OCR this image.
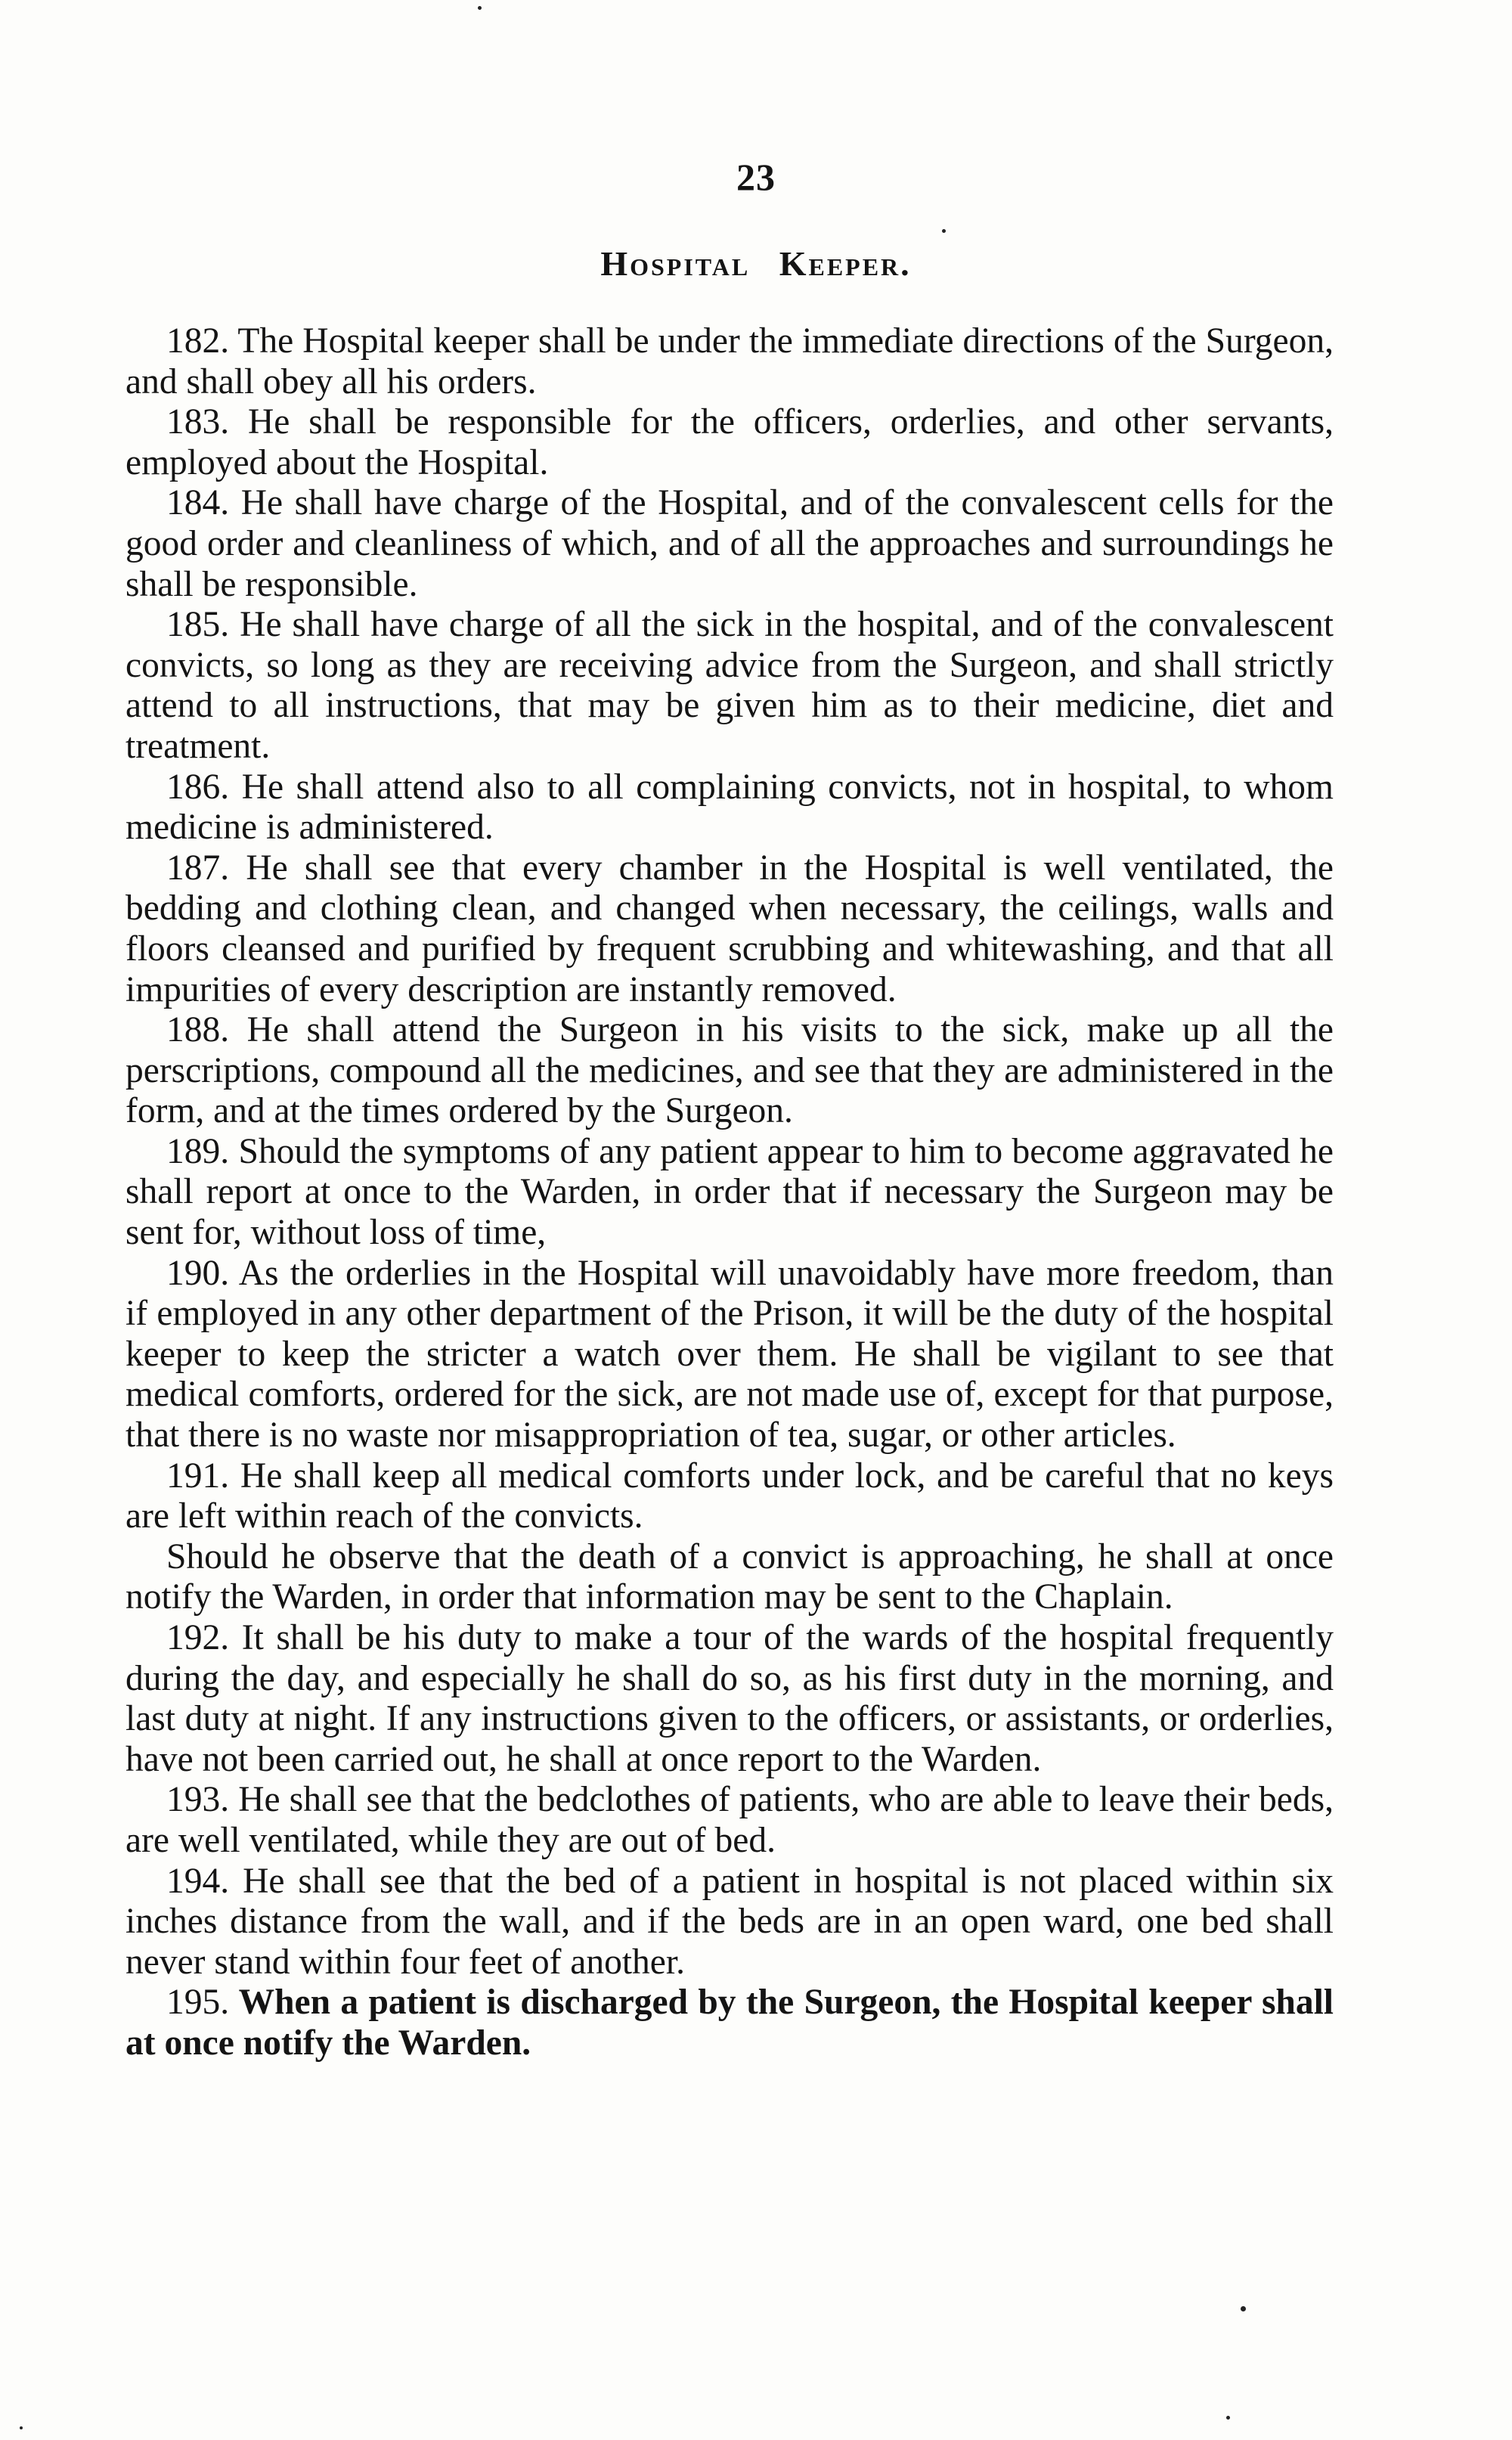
23
Hospital Keeper.

182. The Hospital keeper shall be under the immediate directions of the Surgeon, and shall obey all his orders.

183. He shall be responsible for the officers, orderlies, and other servants, employed about the Hospital.

184. He shall have charge of the Hospital, and of the convalescent cells for the good order and cleanliness of which, and of all the approaches and surroundings he shall be responsible.

185. He shall have charge of all the sick in the hospital, and of the convalescent convicts, so long as they are receiving advice from the Surgeon, and shall strictly attend to all instructions, that may be given him as to their medicine, diet and treatment.

186. He shall attend also to all complaining convicts, not in hospital, to whom medicine is administered.

187. He shall see that every chamber in the Hospital is well ventilated, the bedding and clothing clean, and changed when necessary, the ceilings, walls and floors cleansed and purified by frequent scrubbing and whitewashing, and that all impurities of every description are instantly removed.

188. He shall attend the Surgeon in his visits to the sick, make up all the perscriptions, compound all the medicines, and see that they are administered in the form, and at the times ordered by the Surgeon.

189. Should the symptoms of any patient appear to him to become aggravated he shall report at once to the Warden, in order that if necessary the Surgeon may be sent for, without loss of time,

190. As the orderlies in the Hospital will unavoidably have more freedom, than if employed in any other department of the Prison, it will be the duty of the hospital keeper to keep the stricter a watch over them. He shall be vigilant to see that medical comforts, ordered for the sick, are not made use of, except for that purpose, that there is no waste nor misappropriation of tea, sugar, or other articles.

191. He shall keep all medical comforts under lock, and be careful that no keys are left within reach of the convicts.

Should he observe that the death of a convict is approaching, he shall at once notify the Warden, in order that information may be sent to the Chaplain.

192. It shall be his duty to make a tour of the wards of the hospital frequently during the day, and especially he shall do so, as his first duty in the morning, and last duty at night. If any instructions given to the officers, or assistants, or orderlies, have not been carried out, he shall at once report to the Warden.

193. He shall see that the bedclothes of patients, who are able to leave their beds, are well ventilated, while they are out of bed.

194. He shall see that the bed of a patient in hospital is not placed within six inches distance from the wall, and if the beds are in an open ward, one bed shall never stand within four feet of another.

195. When a patient is discharged by the Surgeon, the Hospital keeper shall at once notify the Warden.
